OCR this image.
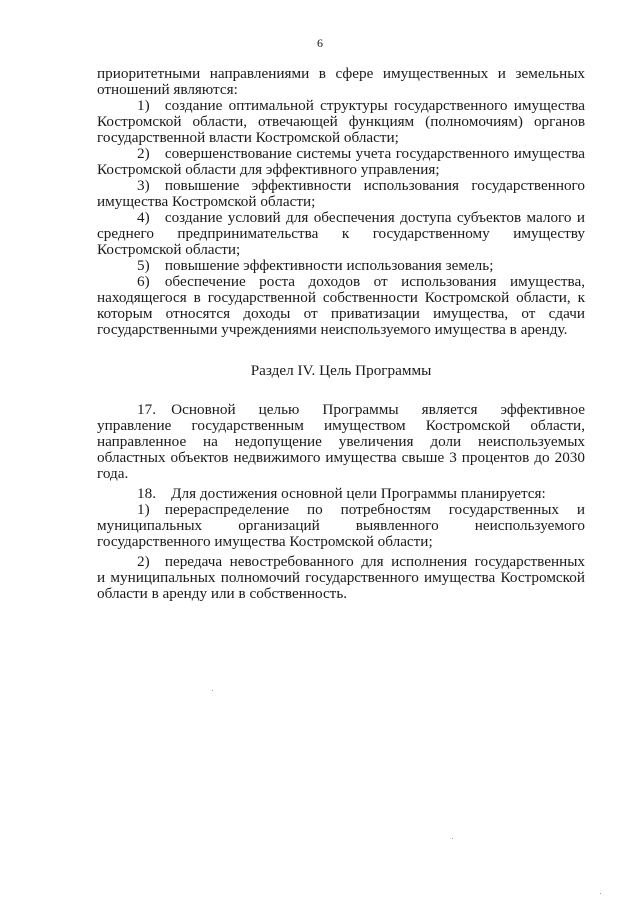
6
приоритетными направлениями в сфере имущественных и земельных
отношений являются:
1) создание оптимальной структуры государственного имущества
Костромской области, отвечающей функциям (полномочиям) органов
государственной власти Костромской области;
2) совершенствование системы учета государственного имущества
Костромской области для эффективного управления;
3) повышение эффективности использования государственного
имущества Костромской области;
4) создание условий для обеспечения доступа субъектов малого и
среднего предпринимательства к государственному имуществу
Костромской области;
5) повышение эффективности использования земель;
6) обеспечение роста доходов от использования имущества,
находящегося в государственной собственности Костромской области, к
которым относятся доходы от приватизации имущества, от сдачи
государственными учреждениями неиспользуемого имущества в аренду.
Раздел IV. Цель Программы
17. Основной целью Программы является эффективное
управление государственным имуществом Костромской области,
направленное на недопущение увеличения доли неиспользуемых
областных объектов недвижимого имущества свыше 3 процентов до 2030
года.
18. Для достижения основной цели Программы планируется:
1) перераспределение по потребностям государственных и
муниципальных организаций выявленного неиспользуемого
государственного имущества Костромской области;
2) передача невостребованного для исполнения государственных
и муниципальных полномочий государственного имущества Костромской
области в аренду или в собственность.
